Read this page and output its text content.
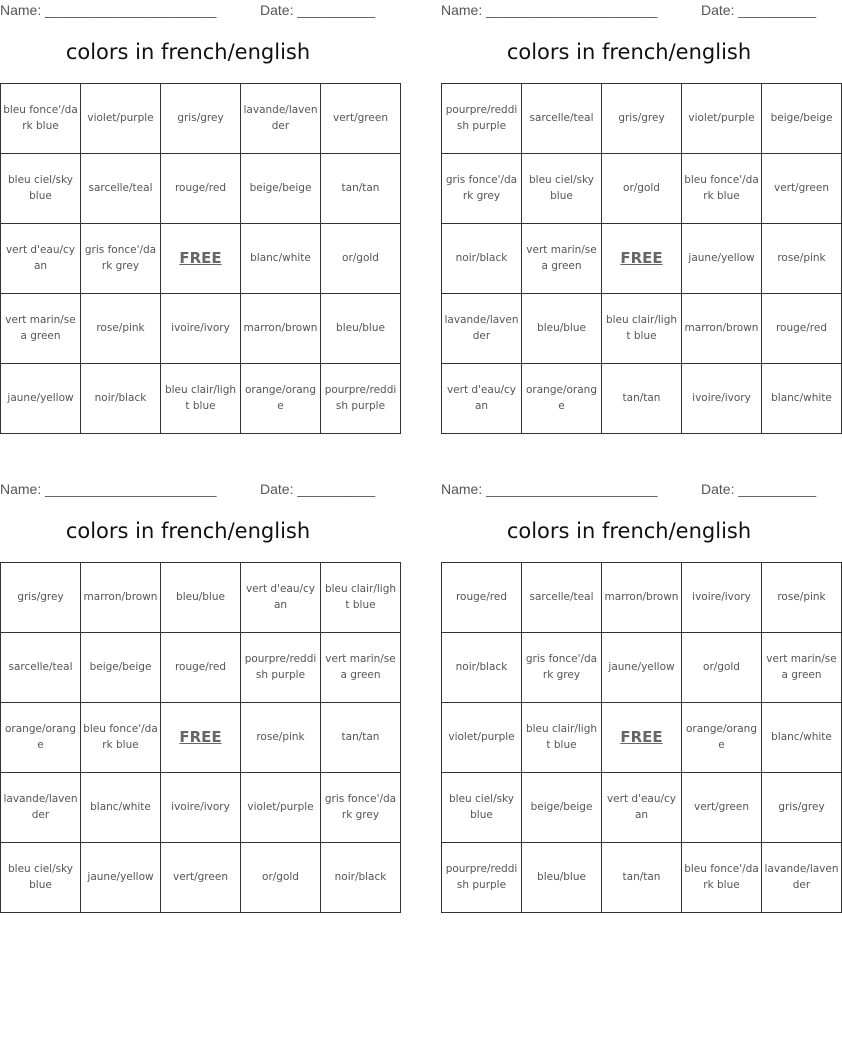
Name: ______________________	Date: __________
colors in french/english
bleu fonce'/dark blue	violet/purple	gris/grey	lavande/lavender	vert/green
bleu ciel/sky blue	sarcelle/teal	rouge/red	beige/beige	tan/tan
vert d'eau/cyan	gris fonce'/dark grey	FREE	blanc/white	or/gold
vert marin/sea green	rose/pink	ivoire/ivory	marron/brown	bleu/blue
jaune/yellow	noir/black	bleu clair/light blue	orange/orange	pourpre/reddish purple
Name: ______________________	Date: __________
colors in french/english
pourpre/reddish purple	sarcelle/teal	gris/grey	violet/purple	beige/beige
gris fonce'/dark grey	bleu ciel/sky blue	or/gold	bleu fonce'/dark blue	vert/green
noir/black	vert marin/sea green	FREE	jaune/yellow	rose/pink
lavande/lavender	bleu/blue	bleu clair/light blue	marron/brown	rouge/red
vert d'eau/cyan	orange/orange	tan/tan	ivoire/ivory	blanc/white
Name: ______________________	Date: __________
colors in french/english
gris/grey	marron/brown	bleu/blue	vert d'eau/cyan	bleu clair/light blue
sarcelle/teal	beige/beige	rouge/red	pourpre/reddish purple	vert marin/sea green
orange/orange	bleu fonce'/dark blue	FREE	rose/pink	tan/tan
lavande/lavender	blanc/white	ivoire/ivory	violet/purple	gris fonce'/dark grey
bleu ciel/sky blue	jaune/yellow	vert/green	or/gold	noir/black
Name: ______________________	Date: __________
colors in french/english
rouge/red	sarcelle/teal	marron/brown	ivoire/ivory	rose/pink
noir/black	gris fonce'/dark grey	jaune/yellow	or/gold	vert marin/sea green
violet/purple	bleu clair/light blue	FREE	orange/orange	blanc/white
bleu ciel/sky blue	beige/beige	vert d'eau/cyan	vert/green	gris/grey
pourpre/reddish purple	bleu/blue	tan/tan	bleu fonce'/dark blue	lavande/lavender
